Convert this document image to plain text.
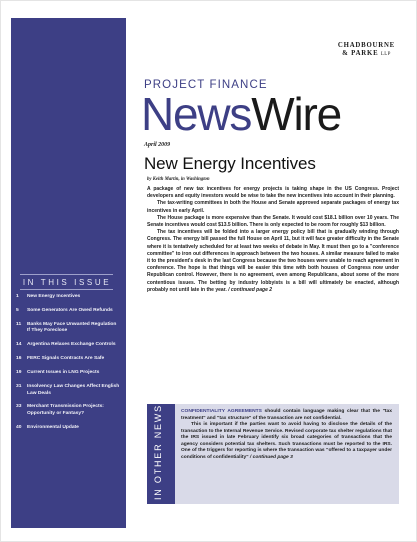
IN THIS ISSUE
1	New Energy Incentives
5	Some Generators Are Owed Refunds
11	Banks May Face Unwanted Regulation If They Foreclose
14	Argentina Relaxes Exchange Controls
16	FERC Signals Contracts Are Safe
19	Current Issues in LNG Projects
31	Insolvency Law Changes Affect English Law Deals
33	Merchant Transmission Projects: Opportunity or Fantasy?
40	Environmental Update
CHADBOURNE
& PARKE LLP
PROJECT FINANCE
NewsWire
April 2009
New Energy Incentives
by Keith Martin, in Washington

A package of new tax incentives for energy projects is taking shape in the US Congress. Project developers and equity investors would be wise to take the new incentives into account in their planning.

The tax-writing committees in both the House and Senate approved separate packages of energy tax incentives in early April.

The House package is more expensive than the Senate. It would cost $18.1 billion over 10 years. The Senate incentives would cost $13.5 billion. There is only expected to be room for roughly $13 billion.

The tax incentives will be folded into a larger energy policy bill that is gradually winding through Congress. The energy bill passed the full House on April 11, but it will face greater difficulty in the Senate where it is tentatively scheduled for at least two weeks of debate in May. It must then go to a "conference committee" to iron out differences in approach between the two houses. A similar measure failed to make it to the president's desk in the last Congress because the two houses were unable to reach agreement in conference. The hope is that things will be easier this time with both houses of Congress now under Republican control. However, there is no agreement, even among Republicans, about some of the more contentious issues. The betting by industry lobbyists is a bill will ultimately be enacted, although probably not until late in the year. / continued page 2

IN OTHER NEWS	CONFIDENTIALITY AGREEMENTS should contain language making clear that the "tax treatment" and "tax structure" of the transaction are not confidential.

This is important if the parties want to avoid having to disclose the details of the transaction to the Internal Revenue Service. Revised corporate tax shelter regulations that the IRS issued in late February identify six broad categories of transactions that the agency considers potential tax shelters. Such transactions must be reported to the IRS. One of the triggers for reporting is where the transaction was "offered to a taxpayer under conditions of confidentiality" / continued page 3
